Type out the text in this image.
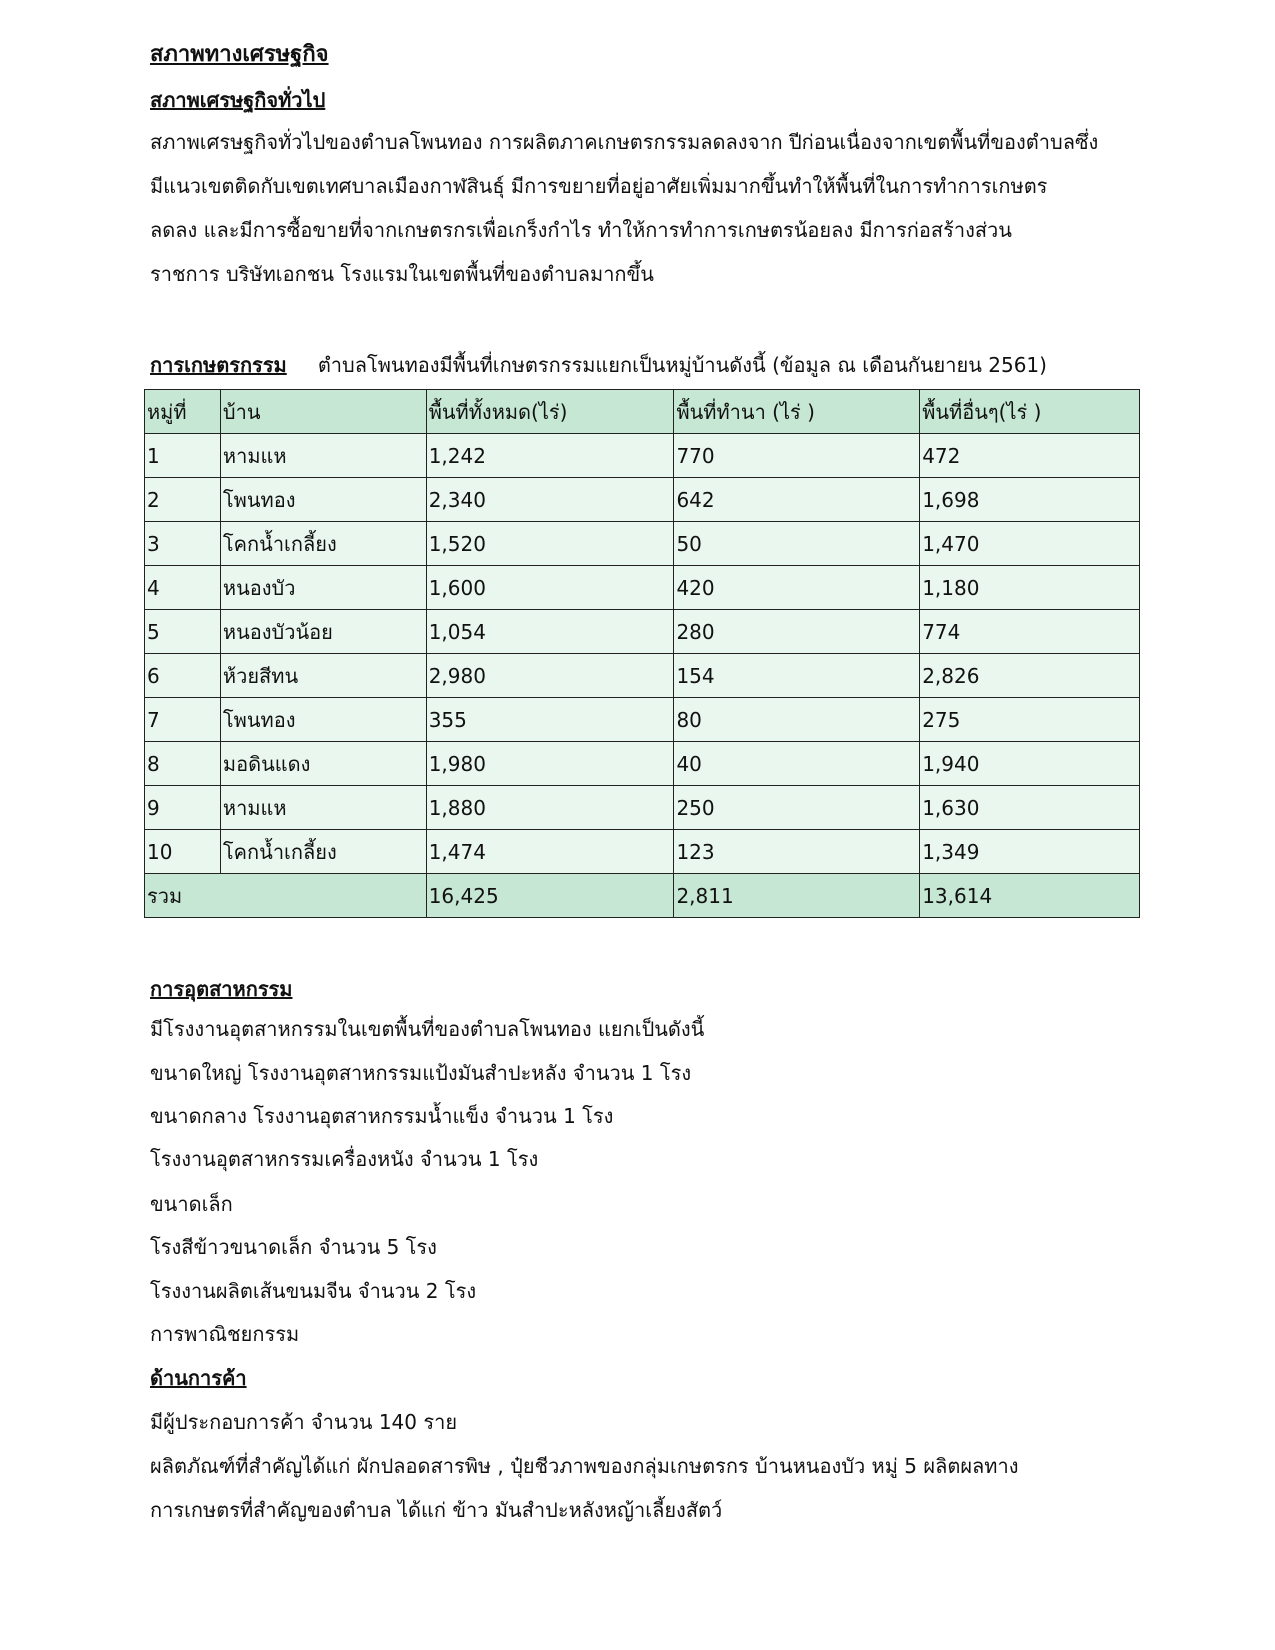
สภาพทางเศรษฐกิจ
สภาพเศรษฐกิจทั่วไป
สภาพเศรษฐกิจทั่วไปของตำบลโพนทอง การผลิตภาคเกษตรกรรมลดลงจาก ปีก่อนเนื่องจากเขตพื้นที่ของตำบลซึ่ง
มีแนวเขตติดกับเขตเทศบาลเมืองกาฬสินธุ์ มีการขยายที่อยู่อาศัยเพิ่มมากขึ้นทำให้พื้นที่ในการทำการเกษตร
ลดลง และมีการซื้อขายที่จากเกษตรกรเพื่อเกร็งกำไร ทำให้การทำการเกษตรน้อยลง มีการก่อสร้างส่วน
ราชการ บริษัทเอกชน โรงแรมในเขตพื้นที่ของตำบลมากขึ้น
การเกษตรกรรม ตำบลโพนทองมีพื้นที่เกษตรกรรมแยกเป็นหมู่บ้านดังนี้ (ข้อมูล ณ เดือนกันยายน 2561)
หมู่ที่	บ้าน	พื้นที่ทั้งหมด(ไร่)	พื้นที่ทำนา (ไร่ )	พื้นที่อื่นๆ(ไร่ )
1	หามแห	1,242	770	472
2	โพนทอง	2,340	642	1,698
3	โคกน้ำเกลี้ยง	1,520	50	1,470
4	หนองบัว	1,600	420	1,180
5	หนองบัวน้อย	1,054	280	774
6	ห้วยสีทน	2,980	154	2,826
7	โพนทอง	355	80	275
8	มอดินแดง	1,980	40	1,940
9	หามแห	1,880	250	1,630
10	โคกน้ำเกลี้ยง	1,474	123	1,349
รวม		16,425	2,811	13,614
การอุตสาหกรรม
มีโรงงานอุตสาหกรรมในเขตพื้นที่ของตำบลโพนทอง แยกเป็นดังนี้
ขนาดใหญ่ โรงงานอุตสาหกรรมแป้งมันสำปะหลัง จำนวน 1 โรง
ขนาดกลาง โรงงานอุตสาหกรรมน้ำแข็ง จำนวน 1 โรง
โรงงานอุตสาหกรรมเครื่องหนัง จำนวน 1 โรง
ขนาดเล็ก
โรงสีข้าวขนาดเล็ก จำนวน 5 โรง
โรงงานผลิตเส้นขนมจีน จำนวน 2 โรง
การพาณิชยกรรม
ด้านการค้า
มีผู้ประกอบการค้า จำนวน 140 ราย
ผลิตภัณฑ์ที่สำคัญได้แก่ ผักปลอดสารพิษ , ปุ๋ยชีวภาพของกลุ่มเกษตรกร บ้านหนองบัว หมู่ 5 ผลิตผลทาง
การเกษตรที่สำคัญของตำบล ได้แก่ ข้าว มันสำปะหลังหญ้าเลี้ยงสัตว์
